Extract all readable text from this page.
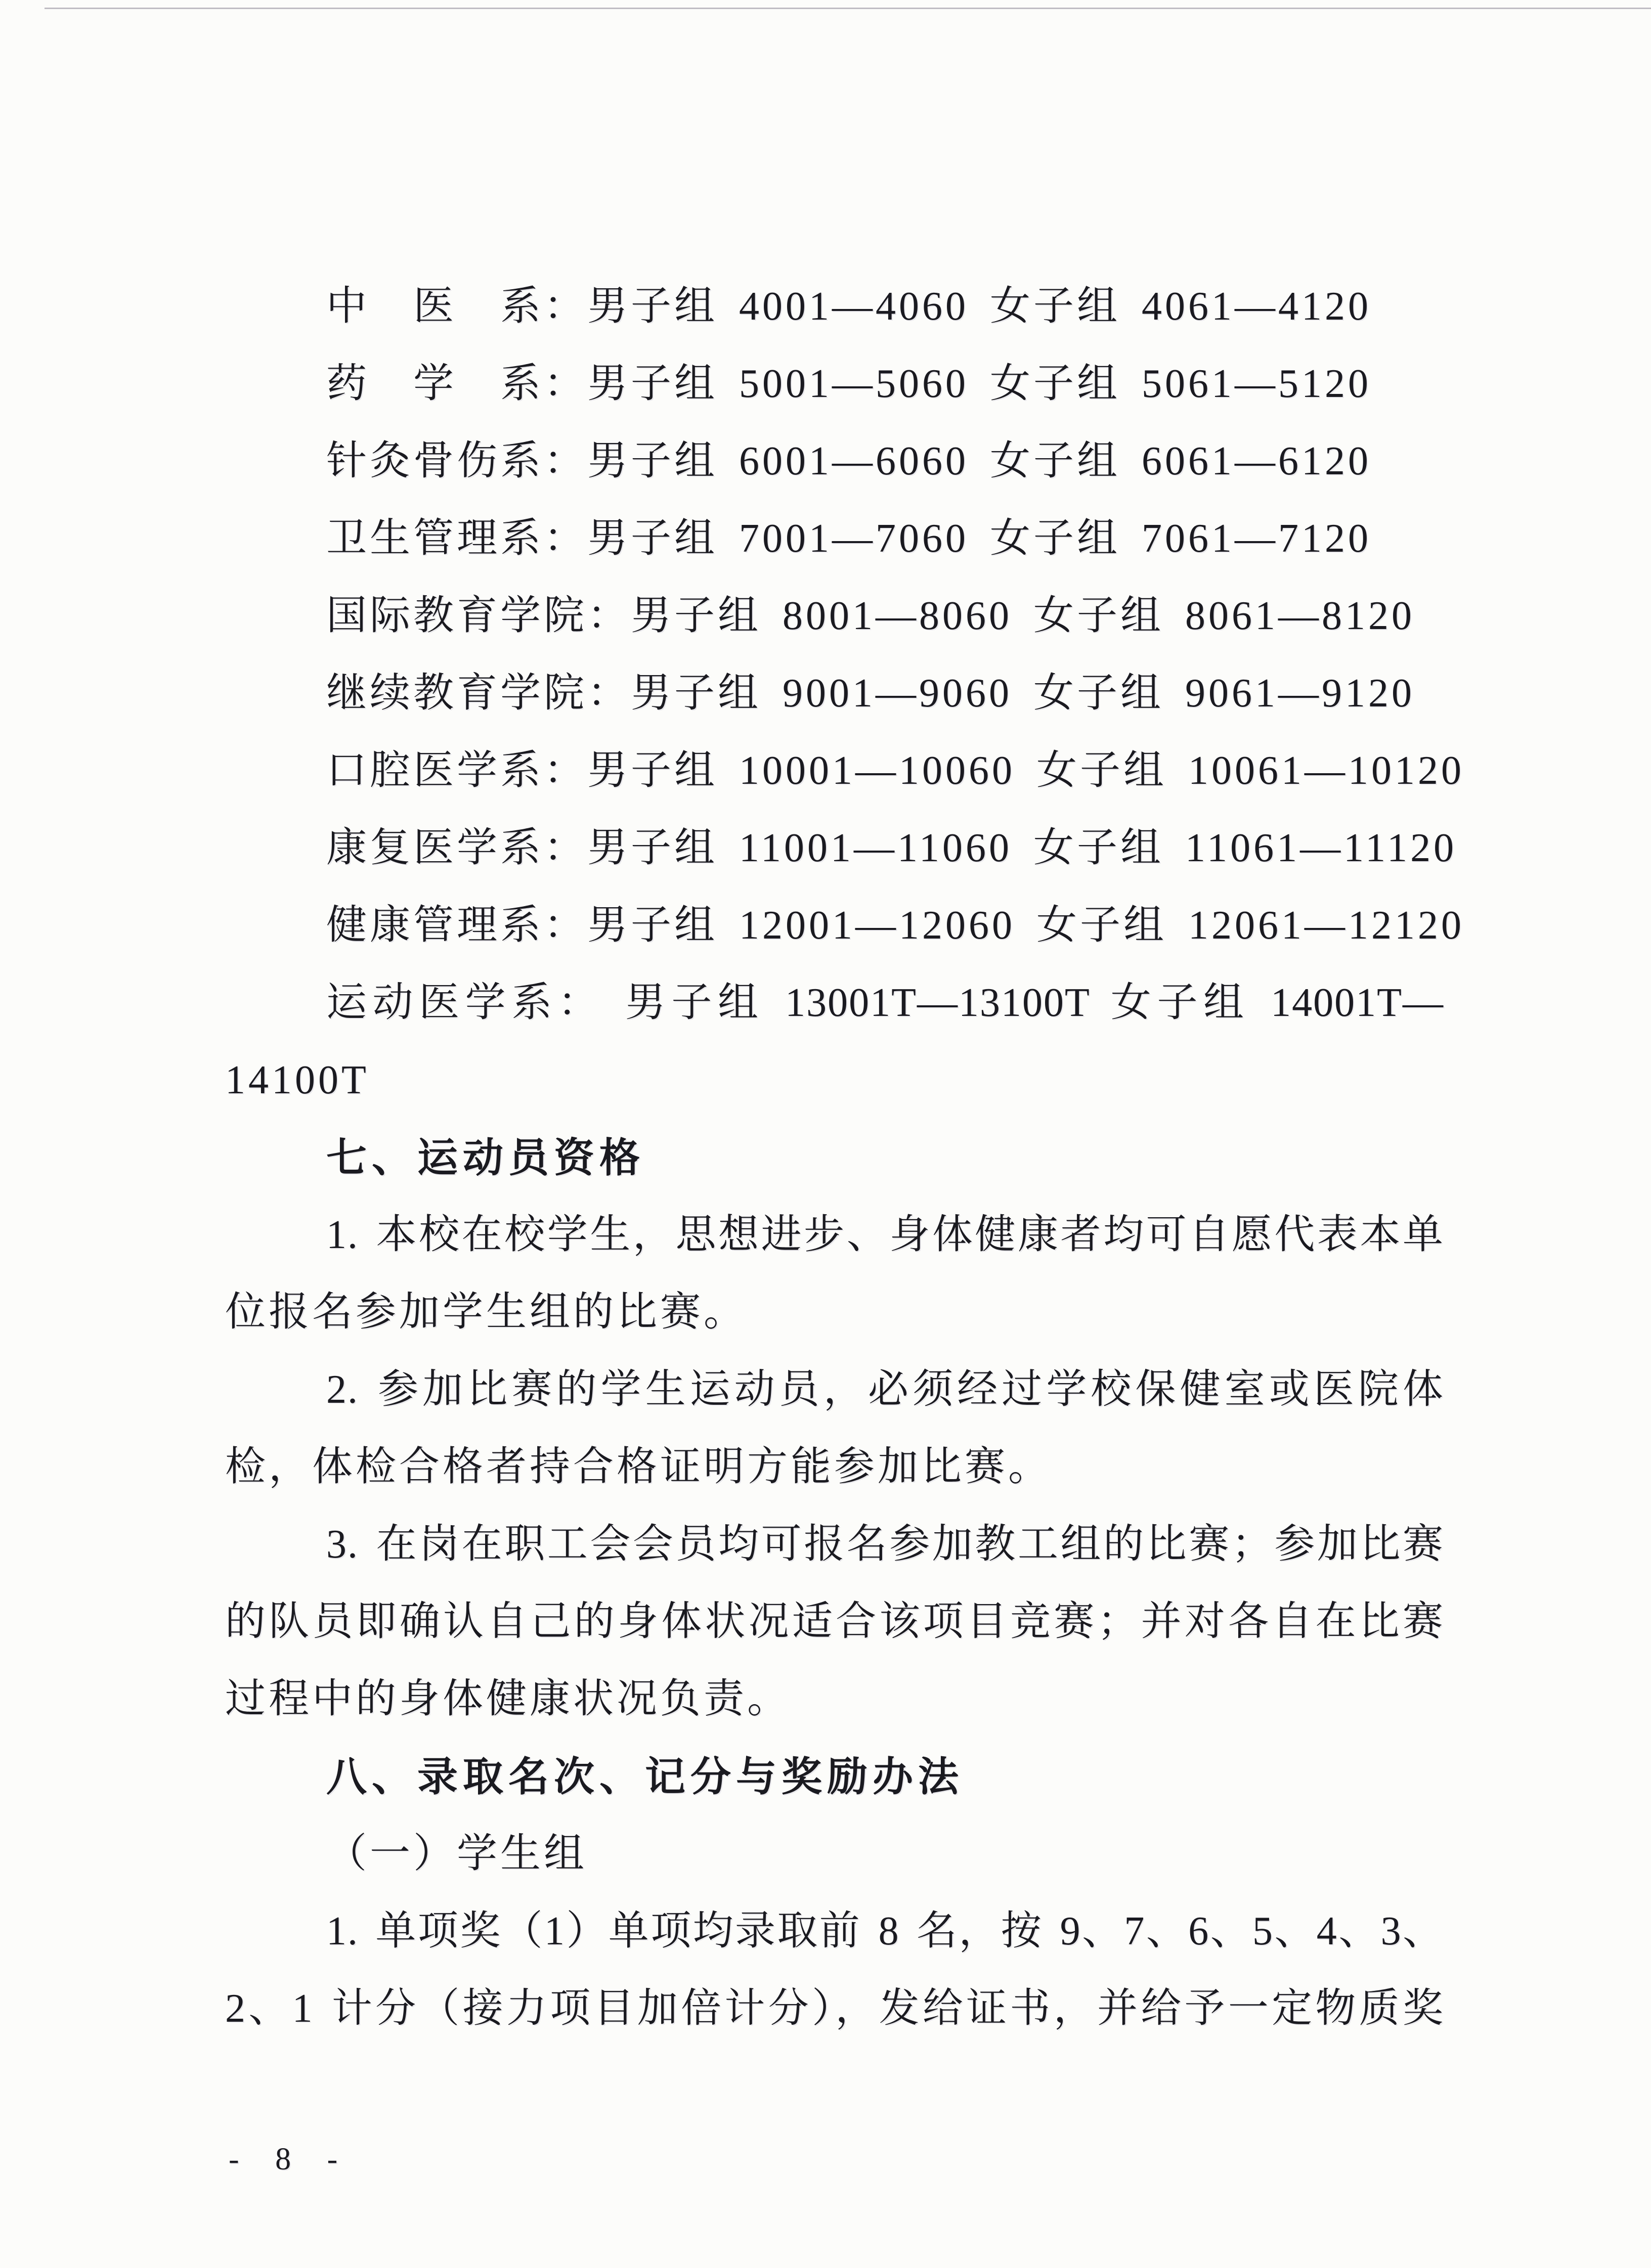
中　医　系：男子组 4001—4060 女子组 4061—4120
药　学　系：男子组 5001—5060 女子组 5061—5120
针灸骨伤系：男子组 6001—6060 女子组 6061—6120
卫生管理系：男子组 7001—7060 女子组 7061—7120
国际教育学院：男子组 8001—8060 女子组 8061—8120
继续教育学院：男子组 9001—9060 女子组 9061—9120
口腔医学系：男子组 10001—10060 女子组 10061—10120
康复医学系：男子组 11001—11060 女子组 11061—11120
健康管理系：男子组 12001—12060 女子组 12061—12120
运动医学系： 男子组 13001T—13100T 女子组 14001T—
14100T
七、运动员资格
1. 本校在校学生，思想进步、身体健康者均可自愿代表本单
位报名参加学生组的比赛。
2. 参加比赛的学生运动员，必须经过学校保健室或医院体
检，体检合格者持合格证明方能参加比赛。
3. 在岗在职工会会员均可报名参加教工组的比赛；参加比赛
的队员即确认自己的身体状况适合该项目竞赛；并对各自在比赛
过程中的身体健康状况负责。
八、录取名次、记分与奖励办法
（一）学生组
1. 单项奖（1）单项均录取前 8 名，按 9、7、6、5、4、3、
2、1 计分（接力项目加倍计分），发给证书，并给予一定物质奖
- 8 -
